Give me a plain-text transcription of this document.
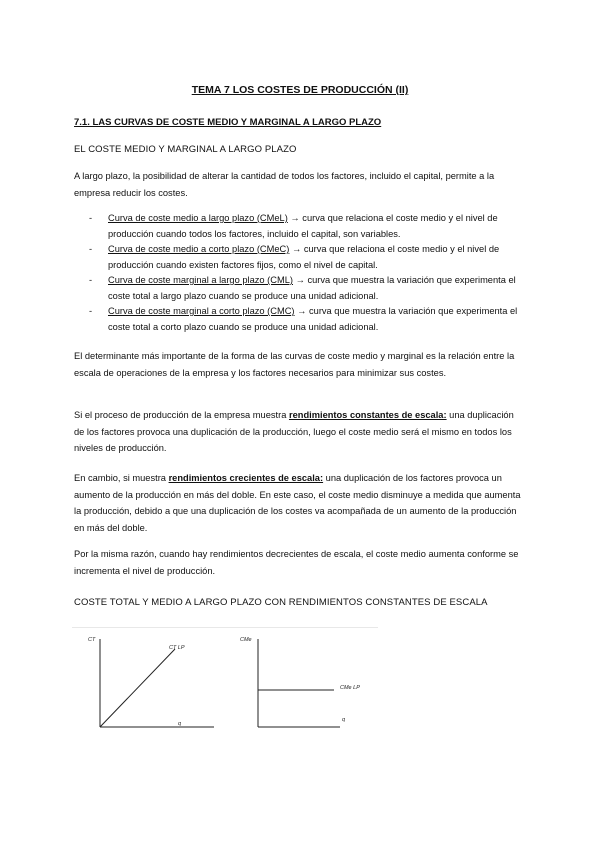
TEMA 7 LOS COSTES DE PRODUCCIÓN (II)
7.1. LAS CURVAS DE COSTE MEDIO Y MARGINAL A LARGO PLAZO
EL COSTE MEDIO Y MARGINAL A LARGO PLAZO
A largo plazo, la posibilidad de alterar la cantidad de todos los factores, incluido el capital, permite a la empresa reducir los costes.
- Curva de coste medio a largo plazo (CMeL) → curva que relaciona el coste medio y el nivel de producción cuando todos los factores, incluido el capital, son variables.
- Curva de coste medio a corto plazo (CMeC) → curva que relaciona el coste medio y el nivel de producción cuando existen factores fijos, como el nivel de capital.
- Curva de coste marginal a largo plazo (CML) → curva que muestra la variación que experimenta el coste total a largo plazo cuando se produce una unidad adicional.
- Curva de coste marginal a corto plazo (CMC) → curva que muestra la variación que experimenta el coste total a corto plazo cuando se produce una unidad adicional.
El determinante más importante de la forma de las curvas de coste medio y marginal es la relación entre la escala de operaciones de la empresa y los factores necesarios para minimizar sus costes.
Si el proceso de producción de la empresa muestra rendimientos constantes de escala: una duplicación de los factores provoca una duplicación de la producción, luego el coste medio será el mismo en todos los niveles de producción.
En cambio, si muestra rendimientos crecientes de escala: una duplicación de los factores provoca un aumento de la producción en más del doble. En este caso, el coste medio disminuye a medida que aumenta la producción, debido a que una duplicación de los costes va acompañada de un aumento de la producción en más del doble.
Por la misma razón, cuando hay rendimientos decrecientes de escala, el coste medio aumenta conforme se incrementa el nivel de producción.
COSTE TOTAL Y MEDIO A LARGO PLAZO CON RENDIMIENTOS CONSTANTES DE ESCALA
CT
CT LP
q
CMe
CMe LP
q
